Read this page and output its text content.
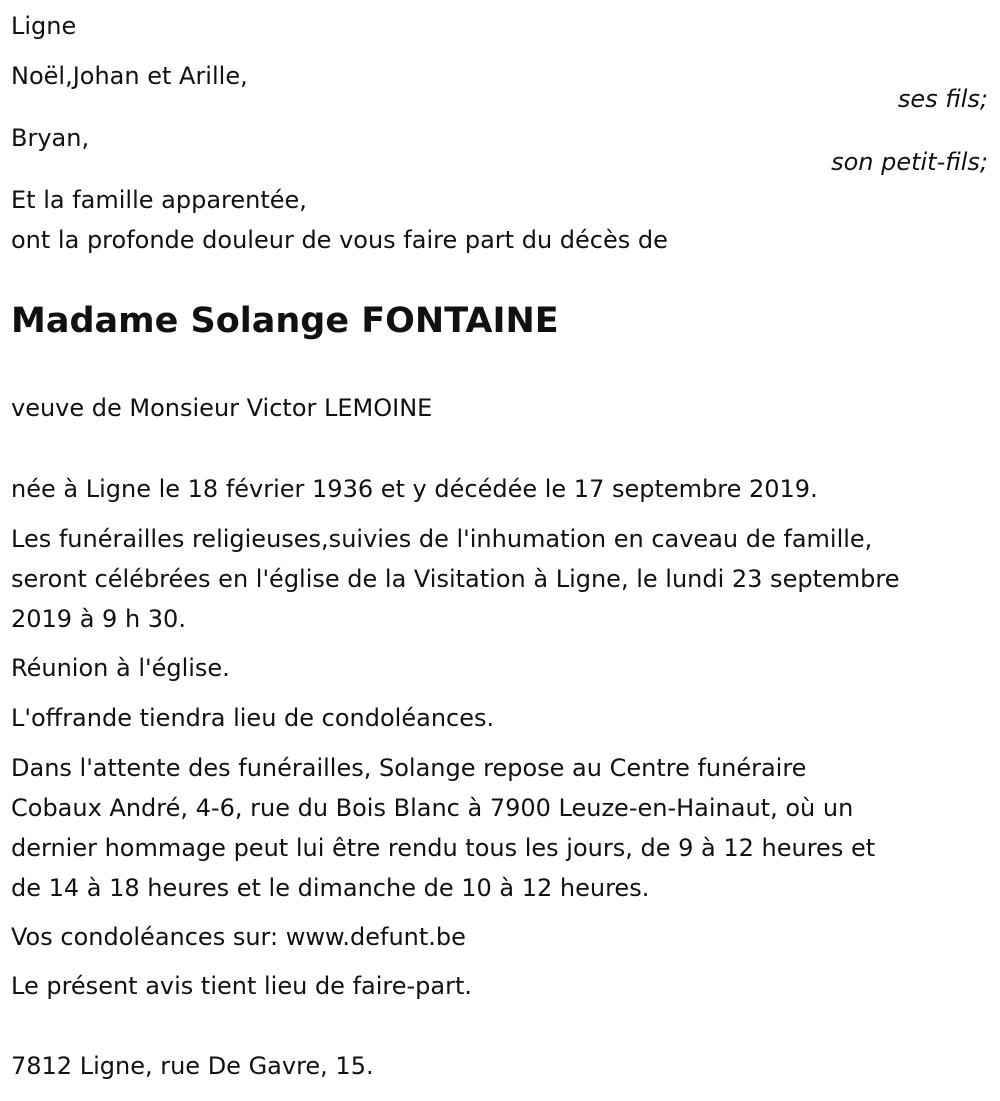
Ligne
Noël,Johan et Arille,
ses fils;
Bryan,
son petit-fils;
Et la famille apparentée,
ont la profonde douleur de vous faire part du décès de
Madame Solange FONTAINE
veuve de Monsieur Victor LEMOINE
née à Ligne le 18 février 1936 et y décédée le 17 septembre 2019.
Les funérailles religieuses,suivies de l'inhumation en caveau de famille,
seront célébrées en l'église de la Visitation à Ligne, le lundi 23 septembre
2019 à 9 h 30.
Réunion à l'église.
L'offrande tiendra lieu de condoléances.
Dans l'attente des funérailles, Solange repose au Centre funéraire
Cobaux André, 4-6, rue du Bois Blanc à 7900 Leuze-en-Hainaut, où un
dernier hommage peut lui être rendu tous les jours, de 9 à 12 heures et
de 14 à 18 heures et le dimanche de 10 à 12 heures.
Vos condoléances sur: www.defunt.be
Le présent avis tient lieu de faire-part.
7812 Ligne, rue De Gavre, 15.
